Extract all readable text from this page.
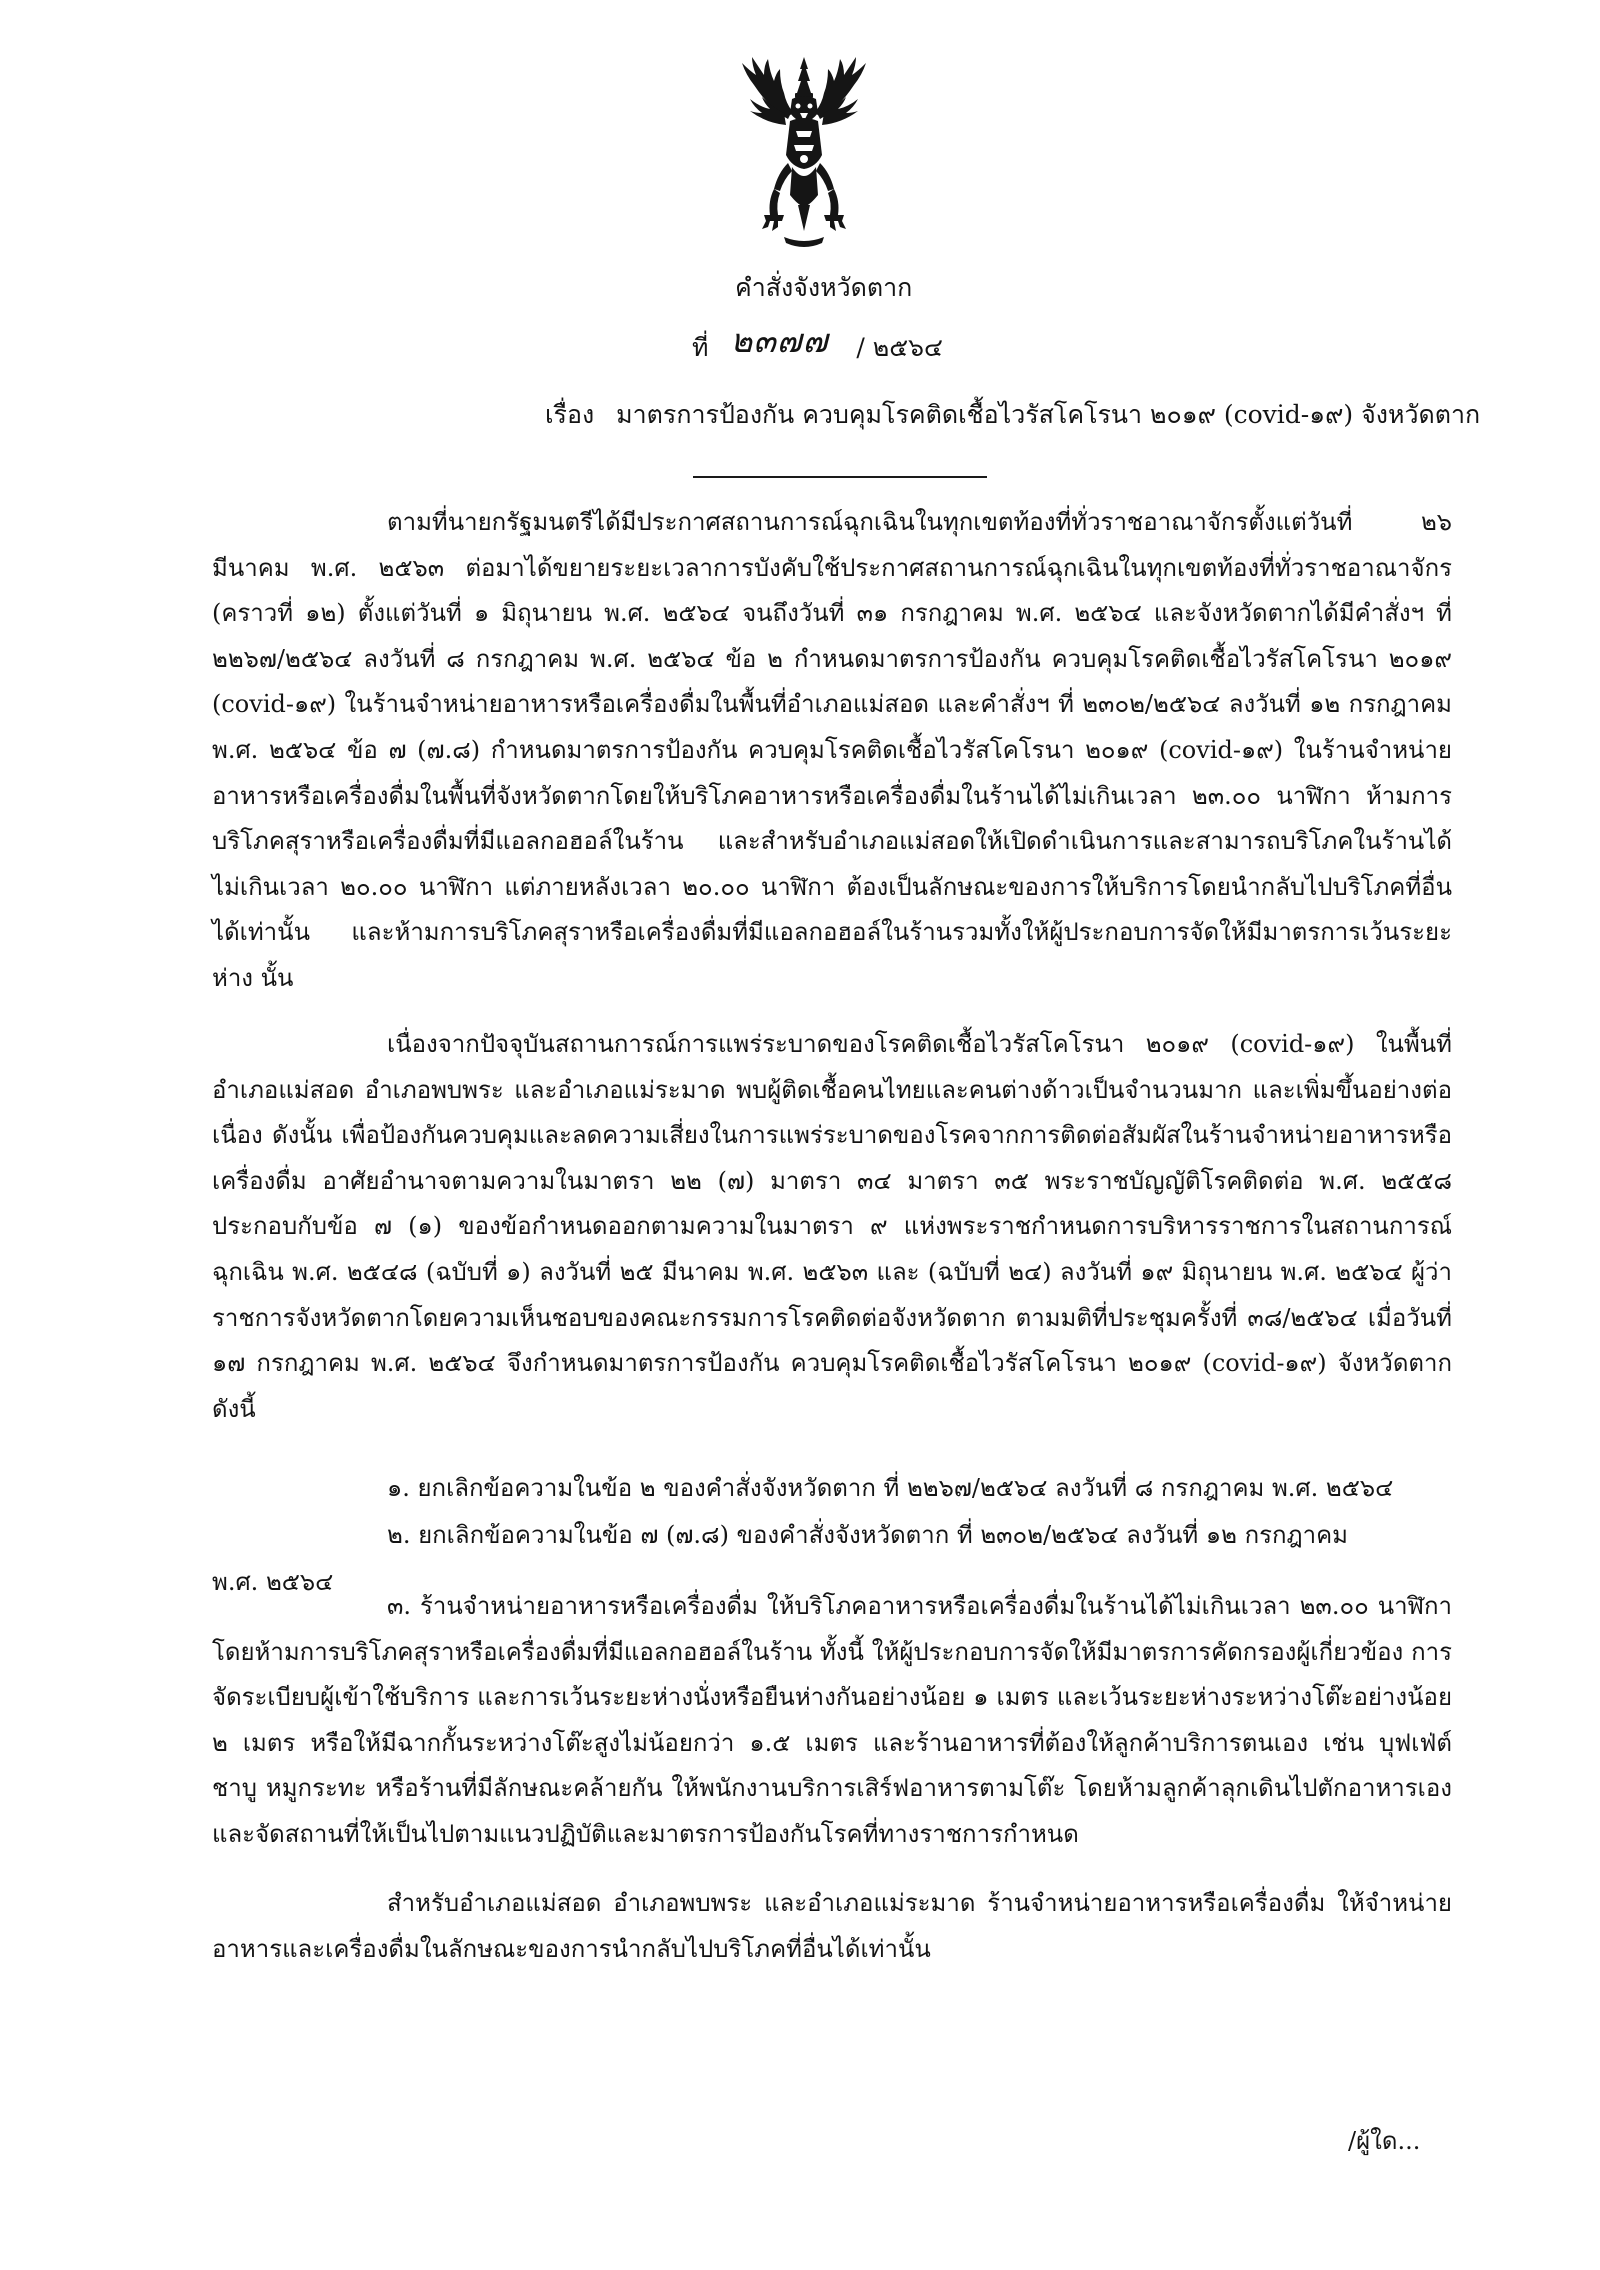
คำสั่งจังหวัดตาก
ที่ ๒๓๗๗ / ๒๕๖๔
เรื่อง มาตรการป้องกัน ควบคุมโรคติดเชื้อไวรัสโคโรนา ๒๐๑๙ (covid-๑๙) จังหวัดตาก

ตามที่นายกรัฐมนตรีได้มีประกาศสถานการณ์ฉุกเฉินในทุกเขตท้องที่ทั่วราชอาณาจักรตั้งแต่วันที่ ๒๖ มีนาคม พ.ศ. ๒๕๖๓ ต่อมาได้ขยายระยะเวลาการบังคับใช้ประกาศสถานการณ์ฉุกเฉินในทุกเขตท้องที่ทั่วราชอาณาจักร (คราวที่ ๑๒) ตั้งแต่วันที่ ๑ มิถุนายน พ.ศ. ๒๕๖๔ จนถึงวันที่ ๓๑ กรกฎาคม พ.ศ. ๒๕๖๔ และจังหวัดตากได้มีคำสั่งฯ ที่ ๒๒๖๗/๒๕๖๔ ลงวันที่ ๘ กรกฎาคม พ.ศ. ๒๕๖๔ ข้อ ๒ กำหนดมาตรการป้องกัน ควบคุมโรคติดเชื้อไวรัสโคโรนา ๒๐๑๙ (covid-๑๙) ในร้านจำหน่ายอาหารหรือเครื่องดื่มในพื้นที่อำเภอแม่สอด และคำสั่งฯ ที่ ๒๓๐๒/๒๕๖๔ ลงวันที่ ๑๒ กรกฎาคม พ.ศ. ๒๕๖๔ ข้อ ๗ (๗.๘) กำหนดมาตรการป้องกัน ควบคุมโรคติดเชื้อไวรัสโคโรนา ๒๐๑๙ (covid-๑๙) ในร้านจำหน่ายอาหารหรือเครื่องดื่มในพื้นที่จังหวัดตากโดยให้บริโภคอาหารหรือเครื่องดื่มในร้านได้ไม่เกินเวลา ๒๓.๐๐ นาฬิกา ห้ามการบริโภคสุราหรือเครื่องดื่มที่มีแอลกอฮอล์ในร้าน และสำหรับอำเภอแม่สอดให้เปิดดำเนินการและสามารถบริโภคในร้านได้ไม่เกินเวลา ๒๐.๐๐ นาฬิกา แต่ภายหลังเวลา ๒๐.๐๐ นาฬิกา ต้องเป็นลักษณะของการให้บริการโดยนำกลับไปบริโภคที่อื่นได้เท่านั้น และห้ามการบริโภคสุราหรือเครื่องดื่มที่มีแอลกอฮอล์ในร้านรวมทั้งให้ผู้ประกอบการจัดให้มีมาตรการเว้นระยะห่าง นั้น

เนื่องจากปัจจุบันสถานการณ์การแพร่ระบาดของโรคติดเชื้อไวรัสโคโรนา ๒๐๑๙ (covid-๑๙) ในพื้นที่อำเภอแม่สอด อำเภอพบพระ และอำเภอแม่ระมาด พบผู้ติดเชื้อคนไทยและคนต่างด้าวเป็นจำนวนมาก และเพิ่มขึ้นอย่างต่อเนื่อง ดังนั้น เพื่อป้องกันควบคุมและลดความเสี่ยงในการแพร่ระบาดของโรคจากการติดต่อสัมผัสในร้านจำหน่ายอาหารหรือเครื่องดื่ม อาศัยอำนาจตามความในมาตรา ๒๒ (๗) มาตรา ๓๔ มาตรา ๓๕ พระราชบัญญัติโรคติดต่อ พ.ศ. ๒๕๕๘ ประกอบกับข้อ ๗ (๑) ของข้อกำหนดออกตามความในมาตรา ๙ แห่งพระราชกำหนดการบริหารราชการในสถานการณ์ฉุกเฉิน พ.ศ. ๒๕๔๘ (ฉบับที่ ๑) ลงวันที่ ๒๕ มีนาคม พ.ศ. ๒๕๖๓ และ (ฉบับที่ ๒๔) ลงวันที่ ๑๙ มิถุนายน พ.ศ. ๒๕๖๔ ผู้ว่าราชการจังหวัดตากโดยความเห็นชอบของคณะกรรมการโรคติดต่อจังหวัดตาก ตามมติที่ประชุมครั้งที่ ๓๘/๒๕๖๔ เมื่อวันที่ ๑๗ กรกฎาคม พ.ศ. ๒๕๖๔ จึงกำหนดมาตรการป้องกัน ควบคุมโรคติดเชื้อไวรัสโคโรนา ๒๐๑๙ (covid-๑๙) จังหวัดตาก ดังนี้

๑. ยกเลิกข้อความในข้อ ๒ ของคำสั่งจังหวัดตาก ที่ ๒๒๖๗/๒๕๖๔ ลงวันที่ ๘ กรกฎาคม พ.ศ. ๒๕๖๔
๒. ยกเลิกข้อความในข้อ ๗ (๗.๘) ของคำสั่งจังหวัดตาก ที่ ๒๓๐๒/๒๕๖๔ ลงวันที่ ๑๒ กรกฎาคม
พ.ศ. ๒๕๖๔

๓. ร้านจำหน่ายอาหารหรือเครื่องดื่ม ให้บริโภคอาหารหรือเครื่องดื่มในร้านได้ไม่เกินเวลา ๒๓.๐๐ นาฬิกา โดยห้ามการบริโภคสุราหรือเครื่องดื่มที่มีแอลกอฮอล์ในร้าน ทั้งนี้ ให้ผู้ประกอบการจัดให้มีมาตรการคัดกรองผู้เกี่ยวข้อง การจัดระเบียบผู้เข้าใช้บริการ และการเว้นระยะห่างนั่งหรือยืนห่างกันอย่างน้อย ๑ เมตร และเว้นระยะห่างระหว่างโต๊ะอย่างน้อย ๒ เมตร หรือให้มีฉากกั้นระหว่างโต๊ะสูงไม่น้อยกว่า ๑.๕ เมตร และร้านอาหารที่ต้องให้ลูกค้าบริการตนเอง เช่น บุฟเฟ่ต์ ชาบู หมูกระทะ หรือร้านที่มีลักษณะคล้ายกัน ให้พนักงานบริการเสิร์ฟอาหารตามโต๊ะ โดยห้ามลูกค้าลุกเดินไปตักอาหารเอง และจัดสถานที่ให้เป็นไปตามแนวปฏิบัติและมาตรการป้องกันโรคที่ทางราชการกำหนด

สำหรับอำเภอแม่สอด อำเภอพบพระ และอำเภอแม่ระมาด ร้านจำหน่ายอาหารหรือเครื่องดื่ม ให้จำหน่ายอาหารและเครื่องดื่มในลักษณะของการนำกลับไปบริโภคที่อื่นได้เท่านั้น

/ผู้ใด...
